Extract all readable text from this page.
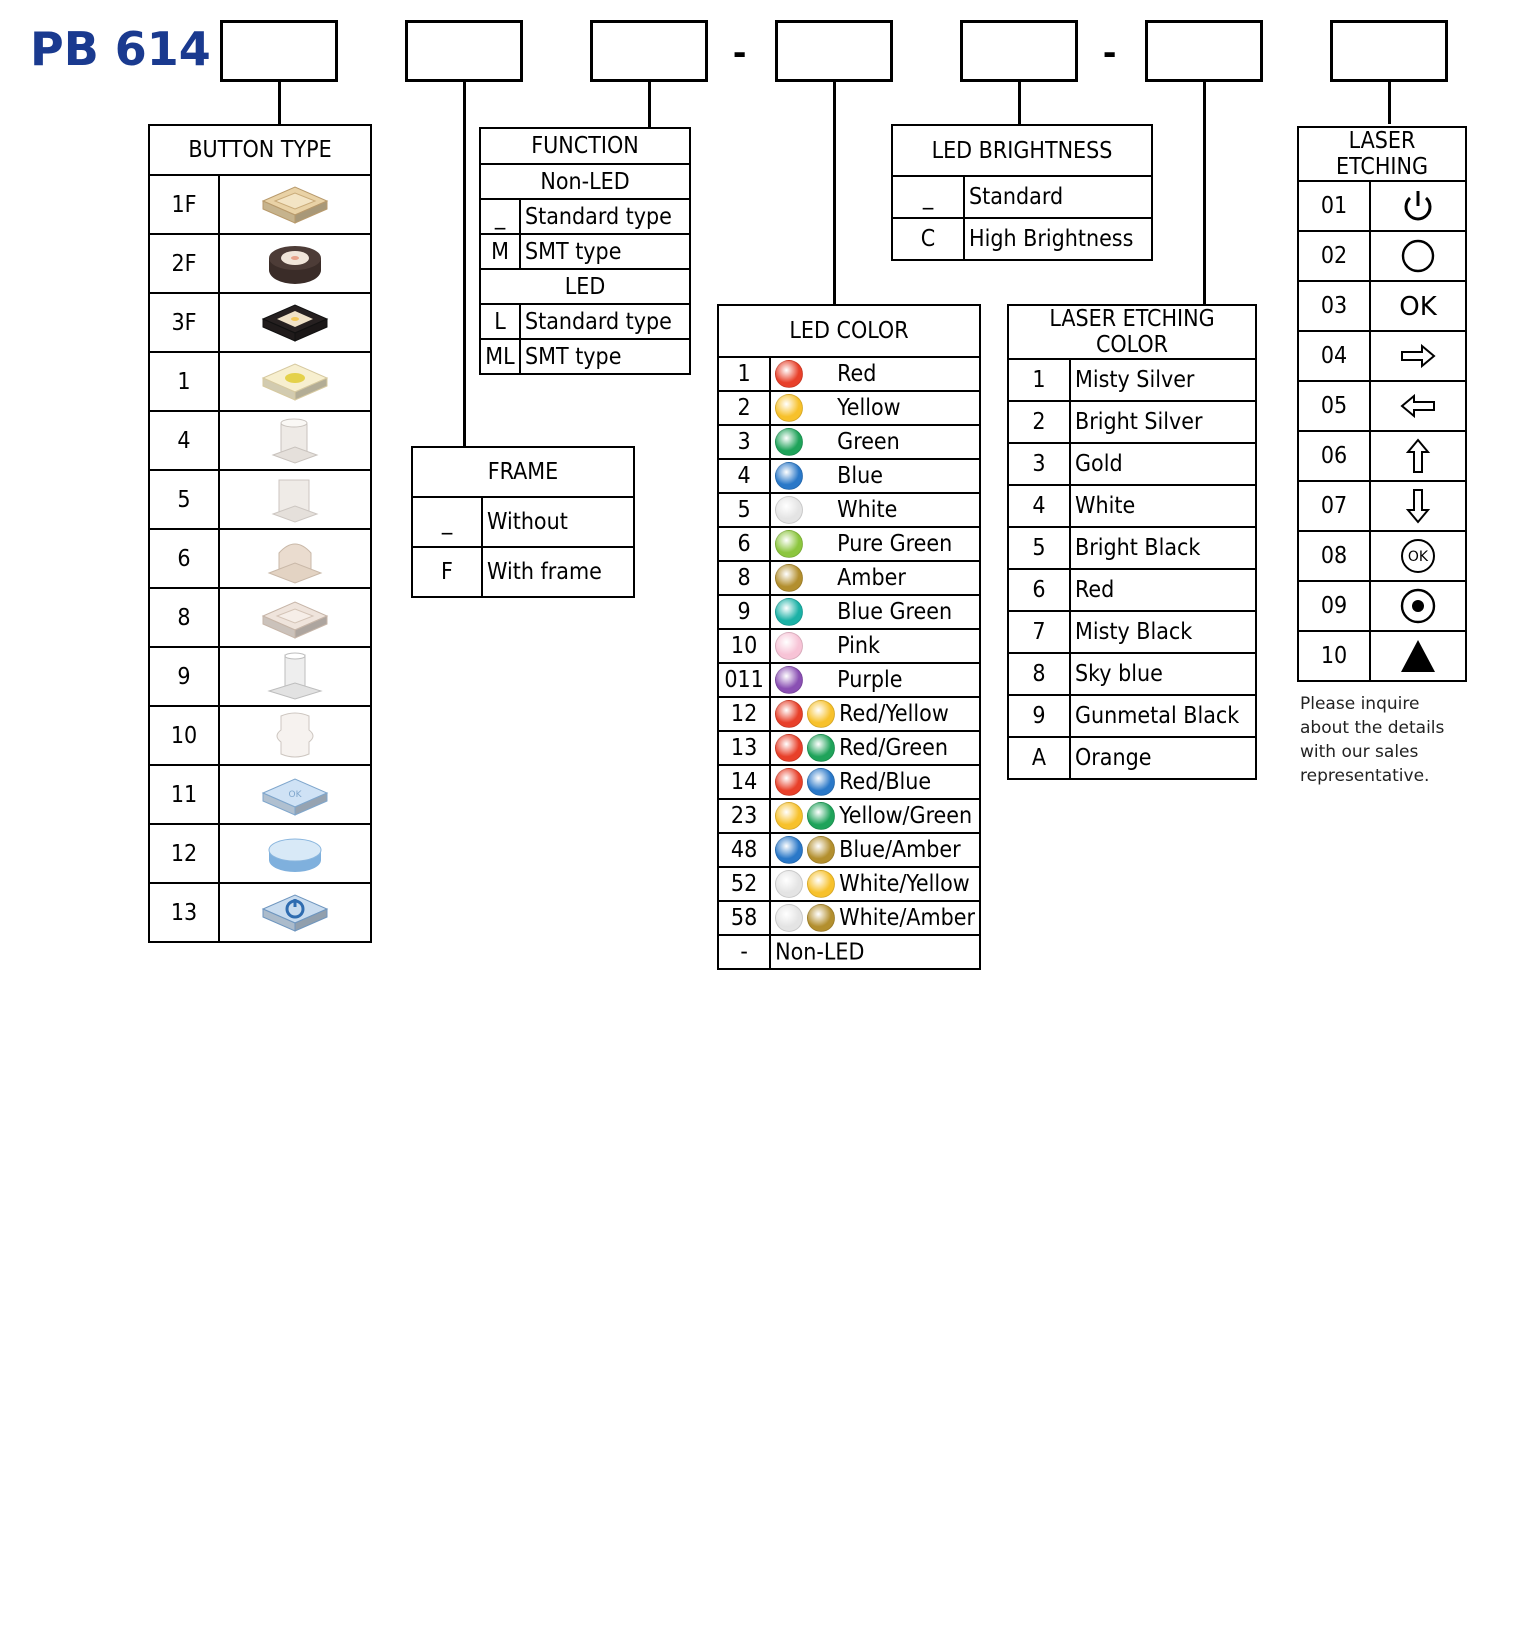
PB 614	-	-
BUTTON TYPE	
1F	

2F	

3F	

1	

4	

5	

6	

8	

9	

10	

11	OK

12	

13	
FUNCTION	
Non-LED	
_	Standard type
M	SMT type
LED	
L	Standard type
ML	SMT type
FRAME	
_	Without
F	With frame
LED BRIGHTNESS	
_	Standard
C	High Brightness
LED COLOR	
1	Red
2	Yellow
3	Green
4	Blue
5	White
6	Pure Green
8	Amber
9	Blue Green
10	Pink
011	Purple
12	Red/Yellow
13	Red/Green
14	Red/Blue
23	Yellow/Green
48	Blue/Amber
52	White/Yellow
58	White/Amber
-	Non-LED
LASER ETCHING COLOR	
1	Misty Silver
2	Bright Silver
3	Gold
4	White
5	Bright Black
6	Red
7	Misty Black
8	Sky blue
9	Gunmetal Black
A	Orange
LASER ETCHING	
01	

02	

03	OK

04	

05	

06	

07	

08	OK

09	

10	
Please inquire about the details with our sales representative.
